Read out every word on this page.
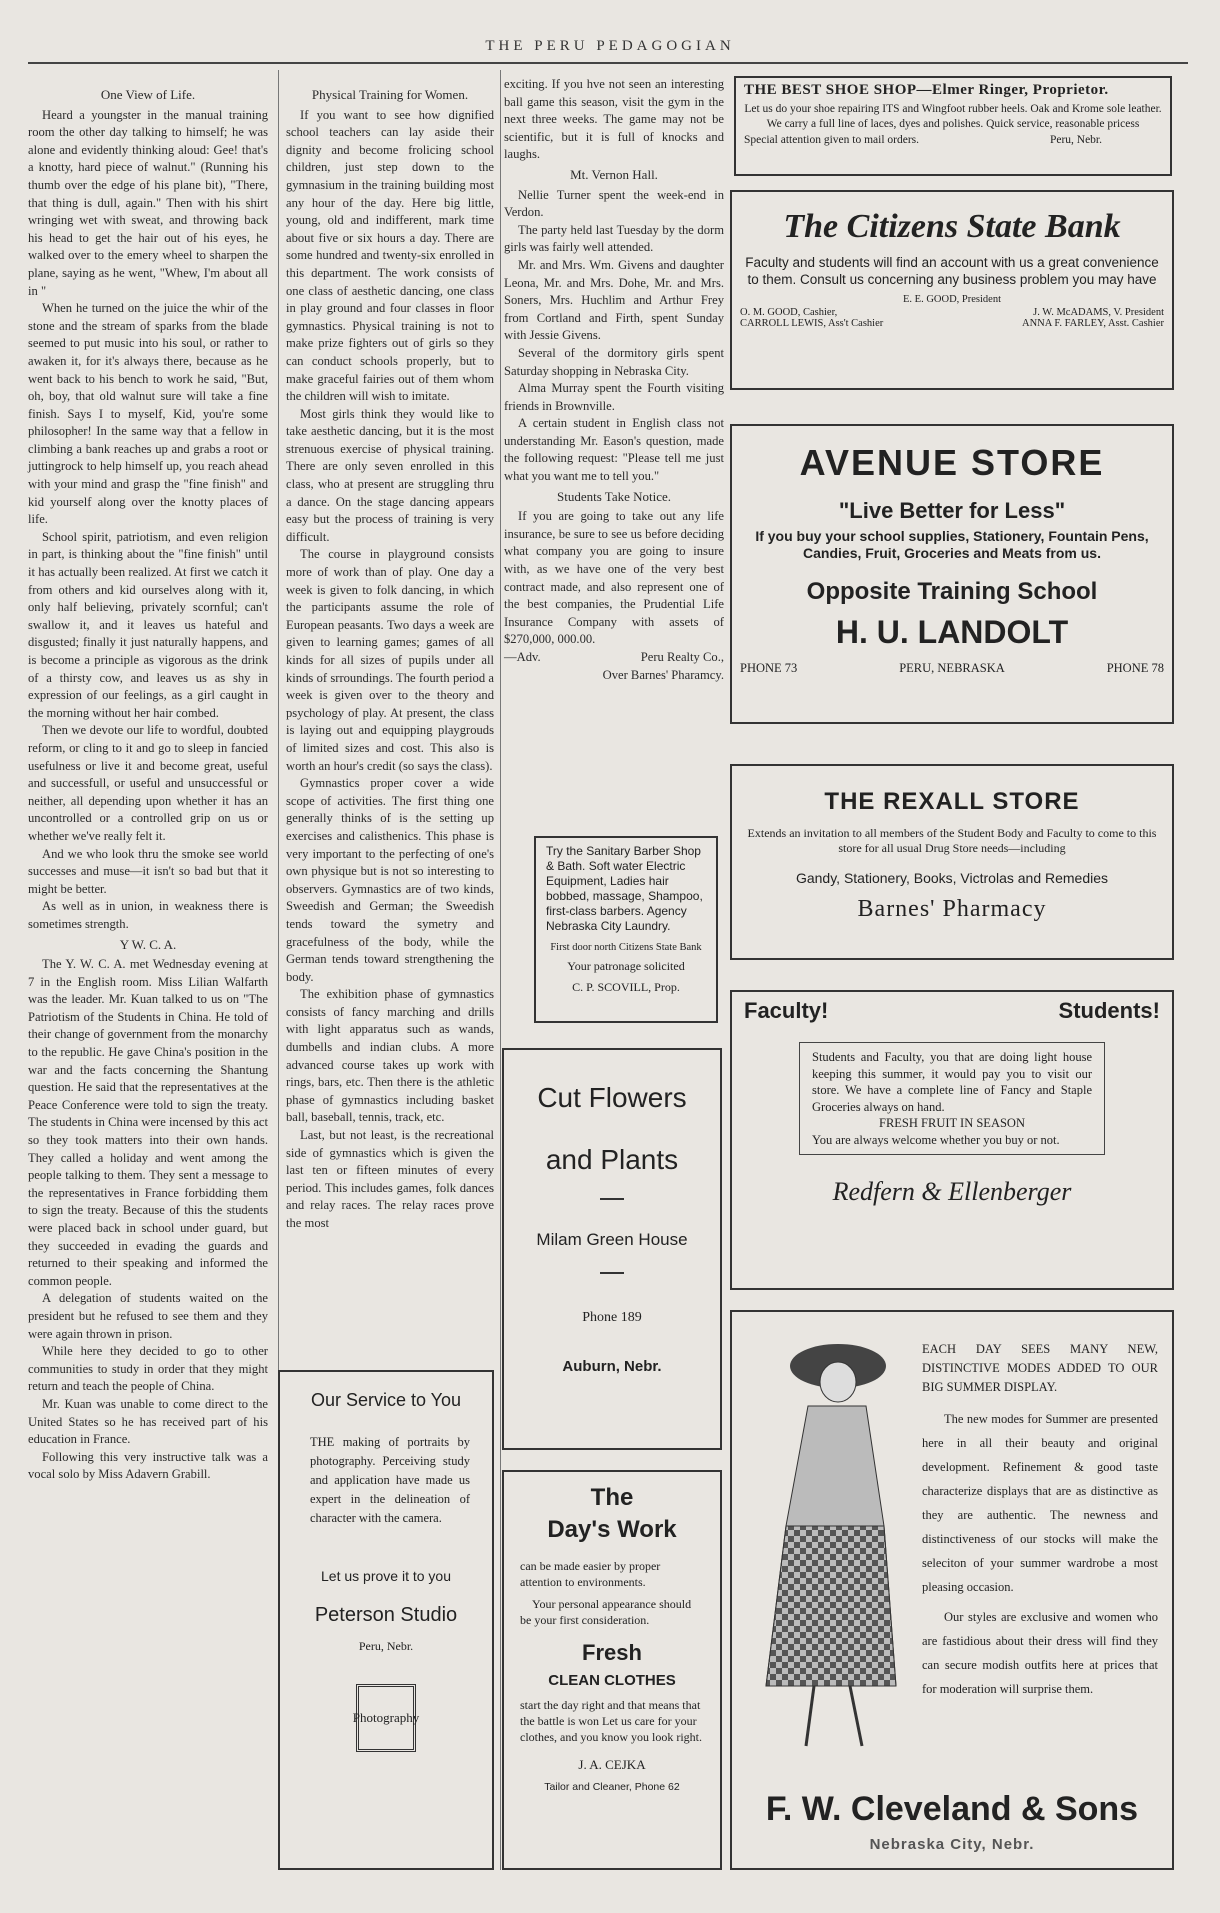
THE PERU PEDAGOGIAN
One View of Life.

Heard a youngster in the manual training room the other day talking to himself; he was alone and evidently thinking aloud: Gee! that's a knotty, hard piece of walnut." (Running his thumb over the edge of his plane bit), "There, that thing is dull, again." Then with his shirt wringing wet with sweat, and throwing back his head to get the hair out of his eyes, he walked over to the emery wheel to sharpen the plane, saying as he went, "Whew, I'm about all in "

When he turned on the juice the whir of the stone and the stream of sparks from the blade seemed to put music into his soul, or rather to awaken it, for it's always there, because as he went back to his bench to work he said, "But, oh, boy, that old walnut sure will take a fine finish. Says I to myself, Kid, you're some philosopher! In the same way that a fellow in climbing a bank reaches up and grabs a root or juttingrock to help himself up, you reach ahead with your mind and grasp the "fine finish" and kid yourself along over the knotty places of life.

School spirit, patriotism, and even religion in part, is thinking about the "fine finish" until it has actually been realized. At first we catch it from others and kid ourselves along with it, only half believing, privately scornful; can't swallow it, and it leaves us hateful and disgusted; finally it just naturally happens, and is become a principle as vigorous as the drink of a thirsty cow, and leaves us as shy in expression of our feelings, as a girl caught in the morning without her hair combed.

Then we devote our life to wordful, doubted reform, or cling to it and go to sleep in fancied usefulness or live it and become great, useful and successfull, or useful and unsuccessful or neither, all depending upon whether it has an uncontrolled or a controlled grip on us or whether we've really felt it.

And we who look thru the smoke see world successes and muse—it isn't so bad but that it might be better.

As well as in union, in weakness there is sometimes strength.

Y W. C. A.

The Y. W. C. A. met Wednesday evening at 7 in the English room. Miss Lilian Walfarth was the leader. Mr. Kuan talked to us on "The Patriotism of the Students in China. He told of their change of government from the monarchy to the republic. He gave China's position in the war and the facts concerning the Shantung question. He said that the representatives at the Peace Conference were told to sign the treaty. The students in China were incensed by this act so they took matters into their own hands. They called a holiday and went among the people talking to them. They sent a message to the representatives in France forbidding them to sign the treaty. Because of this the students were placed back in school under guard, but they succeeded in evading the guards and returned to their speaking and informed the common people.

A delegation of students waited on the president but he refused to see them and they were again thrown in prison.

While here they decided to go to other communities to study in order that they might return and teach the people of China.

Mr. Kuan was unable to come direct to the United States so he has received part of his education in France.

Following this very instructive talk was a vocal solo by Miss Adavern Grabill.

Physical Training for Women.

If you want to see how dignified school teachers can lay aside their dignity and become frolicing school children, just step down to the gymnasium in the training building most any hour of the day. Here big little, young, old and indifferent, mark time about five or six hours a day. There are some hundred and twenty-six enrolled in this department. The work consists of one class of aesthetic dancing, one class in play ground and four classes in floor gymnastics. Physical training is not to make prize fighters out of girls so they can conduct schools properly, but to make graceful fairies out of them whom the children will wish to imitate.

Most girls think they would like to take aesthetic dancing, but it is the most strenuous exercise of physical training. There are only seven enrolled in this class, who at present are struggling thru a dance. On the stage dancing appears easy but the process of training is very difficult.

The course in playground consists more of work than of play. One day a week is given to folk dancing, in which the participants assume the role of European peasants. Two days a week are given to learning games; games of all kinds for all sizes of pupils under all kinds of srroundings. The fourth period a week is given over to the theory and psychology of play. At present, the class is laying out and equipping playgrouds of limited sizes and cost. This also is worth an hour's credit (so says the class).

Gymnastics proper cover a wide scope of activities. The first thing one generally thinks of is the setting up exercises and calisthenics. This phase is very important to the perfecting of one's own physique but is not so interesting to observers. Gymnastics are of two kinds, Sweedish and German; the Sweedish tends toward the symetry and gracefulness of the body, while the German tends toward strengthening the body.

The exhibition phase of gymnastics consists of fancy marching and drills with light apparatus such as wands, dumbells and indian clubs. A more advanced course takes up work with rings, bars, etc. Then there is the athletic phase of gymnastics including basket ball, baseball, tennis, track, etc.

Last, but not least, is the recreational side of gymnastics which is given the last ten or fifteen minutes of every period. This includes games, folk dances and relay races. The relay races prove the most

exciting. If you hve not seen an interesting ball game this season, visit the gym in the next three weeks. The game may not be scientific, but it is full of knocks and laughs.

Mt. Vernon Hall.

Nellie Turner spent the week-end in Verdon.

The party held last Tuesday by the dorm girls was fairly well attended.

Mr. and Mrs. Wm. Givens and daughter Leona, Mr. and Mrs. Dohe, Mr. and Mrs. Soners, Mrs. Huchlim and Arthur Frey from Cortland and Firth, spent Sunday with Jessie Givens.

Several of the dormitory girls spent Saturday shopping in Nebraska City.

Alma Murray spent the Fourth visiting friends in Brownville.

A certain student in English class not understanding Mr. Eason's question, made the following request: "Please tell me just what you want me to tell you."

Students Take Notice.

If you are going to take out any life insurance, be sure to see us before deciding what company you are going to insure with, as we have one of the very best contract made, and also represent one of the best companies, the Prudential Life Insurance Company with assets of $270,000, 000.00.

—Adv.	Peru Realty Co.,
Over Barnes' Pharamcy.
Try the Sanitary Barber Shop & Bath. Soft water Electric Equipment, Ladies hair bobbed, massage, Shampoo, first-class barbers. Agency Nebraska City Laundry.
First door north Citizens State Bank
Your patronage solicited
C. P. SCOVILL, Prop.
Cut Flowers
and Plants
Milam Green House
Phone 189
Auburn, Nebr.
Our Service to You
THE making of portraits by photography. Perceiving study and application have made us expert in the delineation of character with the camera.
Let us prove it to you
Peterson Studio
Peru, Nebr.
Photography
The
Day's Work
can be made easier by proper attention to environments.
Your personal appearance should be your first consideration.
Fresh
CLEAN CLOTHES
start the day right and that means that the battle is won Let us care for your clothes, and you know you look right.
J. A. CEJKA
Tailor and Cleaner, Phone 62
THE BEST SHOE SHOP—Elmer Ringer, Proprietor.
Let us do your shoe repairing ITS and Wingfoot rubber heels. Oak and Krome sole leather. We carry a full line of laces, dyes and polishes. Quick service, reasonable pricess
Special attention given to mail orders.	Peru, Nebr.
The Citizens State Bank
Faculty and students will find an account with us a great convenience to them. Consult us concerning any business problem you may have
E. E. GOOD, President
O. M. GOOD, Cashier,	J. W. McADAMS, V. President
CARROLL LEWIS, Ass't Cashier	ANNA F. FARLEY, Asst. Cashier
AVENUE STORE
"Live Better for Less"
If you buy your school supplies, Stationery, Fountain Pens, Candies, Fruit, Groceries and Meats from us.
Opposite Training School
H. U. LANDOLT
PHONE 73	PERU, NEBRASKA	PHONE 78
THE REXALL STORE
Extends an invitation to all members of the Student Body and Faculty to come to this store for all usual Drug Store needs—including
Gandy, Stationery, Books, Victrolas and Remedies
Barnes' Pharmacy
Faculty!	Students!
Students and Faculty, you that are doing light house keeping this summer, it would pay you to visit our store. We have a complete line of Fancy and Staple Groceries always on hand.
FRESH FRUIT IN SEASON
You are always welcome whether you buy or not.
Redfern & Ellenberger
EACH DAY SEES MANY NEW, DISTINCTIVE MODES ADDED TO OUR BIG SUMMER DISPLAY.
The new modes for Summer are presented here in all their beauty and original development. Refinement & good taste characterize displays that are as distinctive as they are authentic. The newness and distinctiveness of our stocks will make the seleciton of your summer wardrobe a most pleasing occasion.
Our styles are exclusive and women who are fastidious about their dress will find they can secure modish outfits here at prices that for moderation will surprise them.
F. W. Cleveland & Sons
Nebraska City, Nebr.
